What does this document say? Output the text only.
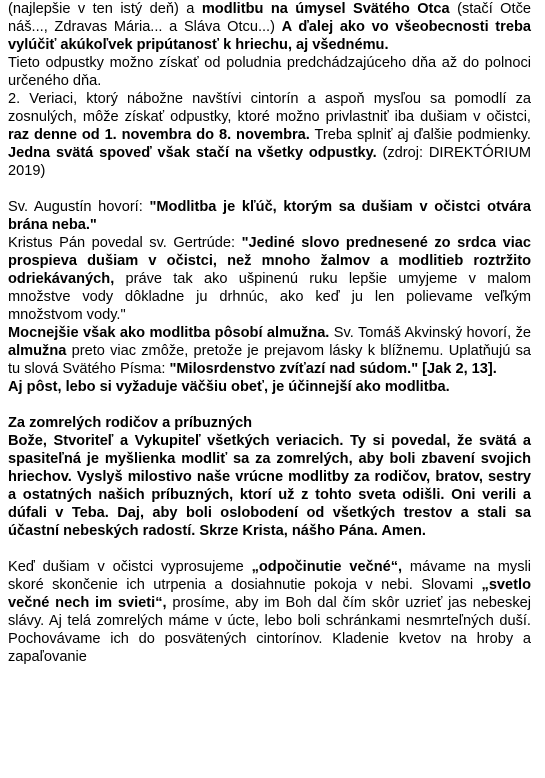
(najlepšie v ten istý deň) a modlitbu na úmysel Svätého Otca (stačí Otče náš..., Zdravas Mária... a Sláva Otcu...) A ďalej ako vo všeobecnosti treba vylúčiť akúkoľvek pripútanosť k hriechu, aj všednému.

Tieto odpustky možno získať od poludnia predchádzajúceho dňa až do polnoci určeného dňa.

2. Veriaci, ktorý nábožne navštívi cintorín a aspoň mysľou sa pomodlí za zosnulých, môže získať odpustky, ktoré možno privlastniť iba dušiam v očistci, raz denne od 1. novembra do 8. novembra. Treba splniť aj ďalšie podmienky. Jedna svätá spoveď však stačí na všetky odpustky. (zdroj: DIREKTÓRIUM 2019)

Sv. Augustín hovorí: "Modlitba je kľúč, ktorým sa dušiam v očistci otvára brána neba."

Kristus Pán povedal sv. Gertrúde: "Jediné slovo prednesené zo srdca viac prospieva dušiam v očistci, než mnoho žalmov a modlitieb roztržito odriekávaných, práve tak ako ušpinenú ruku lepšie umyjeme v malom množstve vody dôkladne ju drhnúc, ako keď ju len polievame veľkým množstvom vody."

Mocnejšie však ako modlitba pôsobí almužna. Sv. Tomáš Akvinský hovorí, že almužna preto viac zmôže, pretože je prejavom lásky k blížnemu. Uplatňujú sa tu slová Svätého Písma: "Milosrdenstvo zvíťazí nad súdom." [Jak 2, 13].

Aj pôst, lebo si vyžaduje väčšiu obeť, je účinnejší ako modlitba.

Za zomrelých rodičov a príbuzných

Bože, Stvoriteľ a Vykupiteľ všetkých veriacich. Ty si povedal, že svätá a spasiteľná je myšlienka modliť sa za zomrelých, aby boli zbavení svojich hriechov. Vyslyš milostivo naše vrúcne modlitby za rodičov, bratov, sestry a ostatných našich príbuzných, ktorí už z tohto sveta odišli. Oni verili a dúfali v Teba. Daj, aby boli oslobodení od všetkých trestov a stali sa účastní nebeských radostí. Skrze Krista, nášho Pána. Amen.

Keď dušiam v očistci vyprosujeme „odpočinutie večné“, mávame na mysli skoré skončenie ich utrpenia a dosiahnutie pokoja v nebi. Slovami „svetlo večné nech im svieti“, prosíme, aby im Boh dal čím skôr uzrieť jas nebeskej slávy. Aj telá zomrelých máme v úcte, lebo boli schránkami nesmrteľných duší. Pochovávame ich do posvätených cintorínov. Kladenie kvetov na hroby a zapaľovanie
